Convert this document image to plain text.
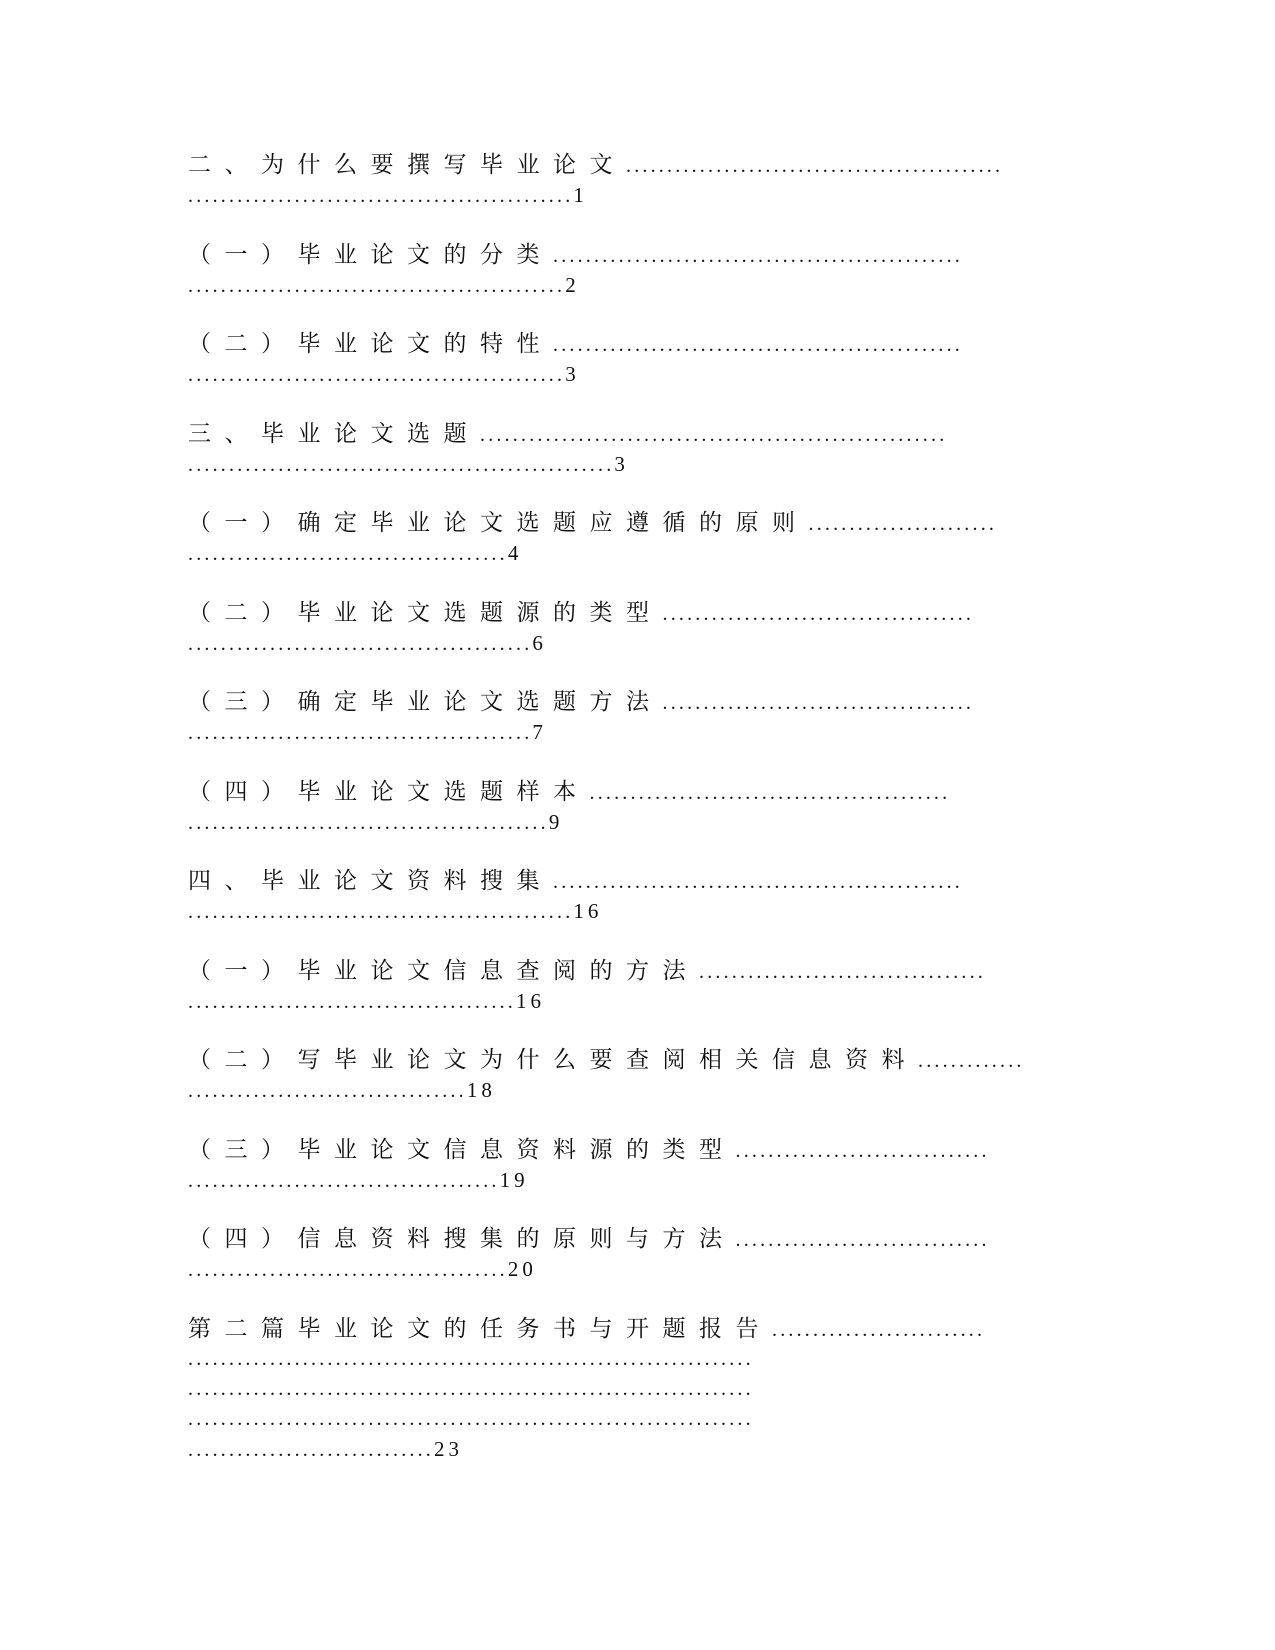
二、为什么要撰写毕业论文..............................................
...............................................1
（一）毕业论文的分类..................................................
..............................................2
（二）毕业论文的特性..................................................
..............................................3
三、毕业论文选题.........................................................
....................................................3
（一）确定毕业论文选题应遵循的原则.......................
.......................................4
（二）毕业论文选题源的类型......................................
..........................................6
（三）确定毕业论文选题方法......................................
..........................................7
（四）毕业论文选题样本............................................
............................................9
四、毕业论文资料搜集..................................................
...............................................16
（一）毕业论文信息查阅的方法...................................
........................................16
（二）写毕业论文为什么要查阅相关信息资料.............
..................................18
（三）毕业论文信息资料源的类型...............................
......................................19
（四）信息资料搜集的原则与方法...............................
.......................................20
第二篇毕业论文的任务书与开题报告..........................
.....................................................................
.....................................................................
.....................................................................
..............................23
